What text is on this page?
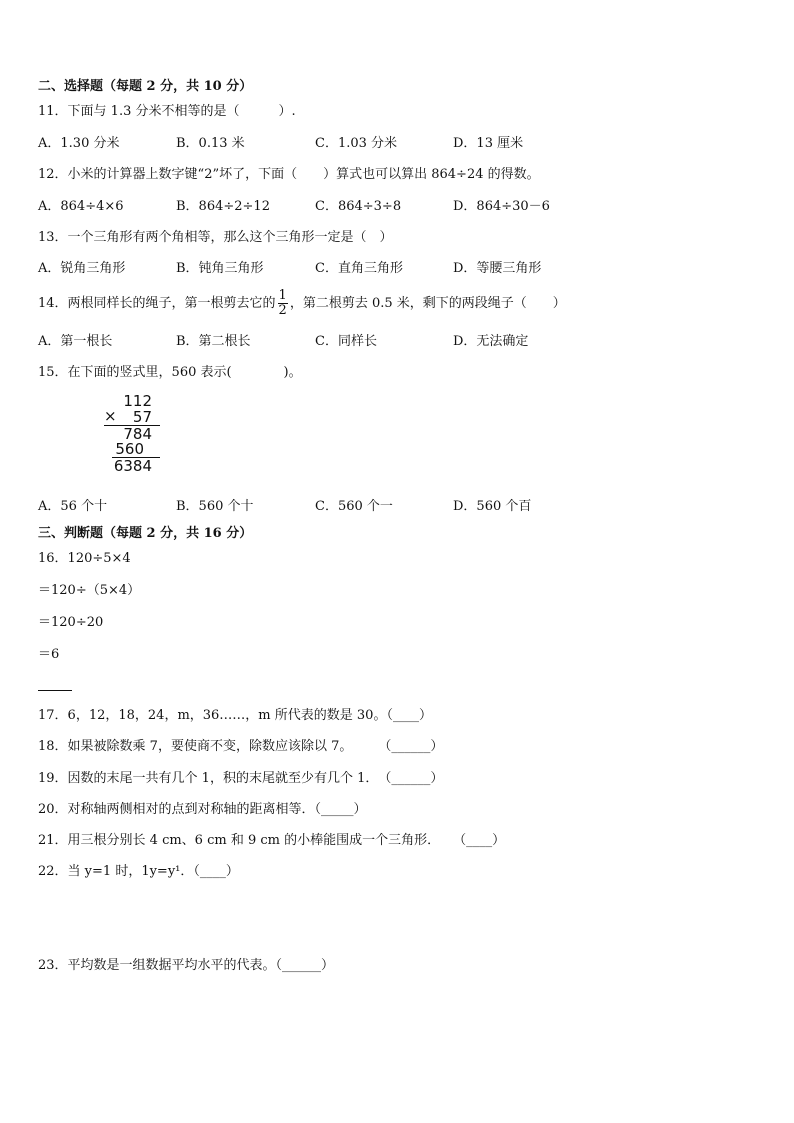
二、选择题（每题 2 分，共 10 分）
11．下面与 1.3 分米不相等的是（　　　）.
A．1.30 分米	B．0.13 米	C．1.03 分米	D．13 厘米
12．小米的计算器上数字键“2”坏了，下面（　　）算式也可以算出 864÷24 的得数。
A．864÷4×6	B．864÷2÷12	C．864÷3÷8	D．864÷30－6
13．一个三角形有两个角相等，那么这个三角形一定是（　）
A．锐角三角形	B．钝角三角形	C．直角三角形	D．等腰三角形
14．两根同样长的绳子，第一根剪去它的 $\frac{1}{2}$ ，第二根剪去 0.5 米，剩下的两段绳子（　　）
A．第一根长	B．第二根长	C．同样长	D．无法确定
15．在下面的竖式里，560 表示(　　　　)。
112
×	57
784
560
6384
A．56 个十	B．560 个十	C．560 个一	D．560 个百
三、判断题（每题 2 分，共 16 分）
16．120÷5×4
＝120÷（5×4）
＝120÷20
＝6
17．6，12，18，24，m，36……，m 所代表的数是 30。（____）
18．如果被除数乘 7，要使商不变，除数应该除以 7。　　　（______）
19．因数的末尾一共有几个 1，积的末尾就至少有几个 1．　（______）
20．对称轴两侧相对的点到对称轴的距离相等．（_____）
21．用三根分别长 4 cm、6 cm 和 9 cm 的小棒能围成一个三角形．　　（____）
22．当 y=1 时，1y=y¹．（____）
23．平均数是一组数据平均水平的代表。（______）
